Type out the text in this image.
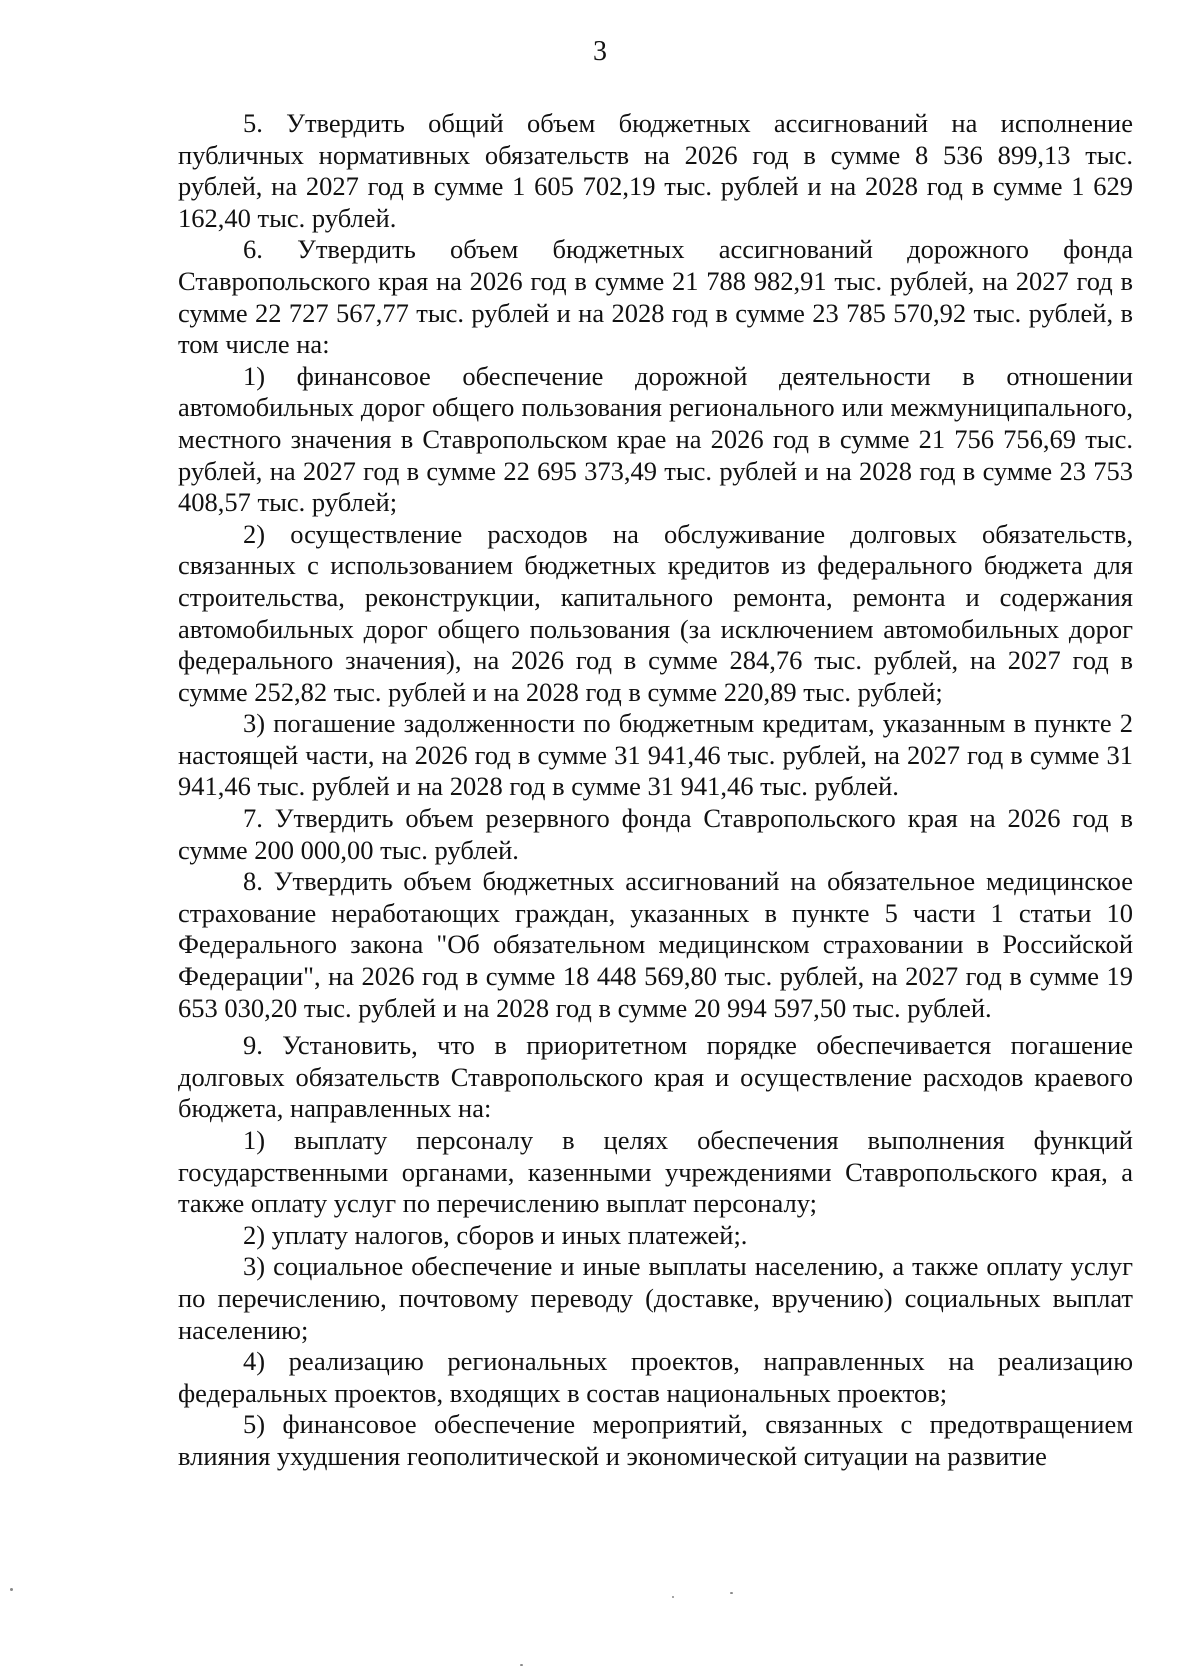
3

5. Утвердить общий объем бюджетных ассигнований на исполнение публичных нормативных обязательств на 2026 год в сумме 8 536 899,13 тыс. рублей, на 2027 год в сумме 1 605 702,19 тыс. рублей и на 2028 год в сумме 1 629 162,40 тыс. рублей.

6. Утвердить объем бюджетных ассигнований дорожного фонда Ставропольского края на 2026 год в сумме 21 788 982,91 тыс. рублей, на 2027 год в сумме 22 727 567,77 тыс. рублей и на 2028 год в сумме 23 785 570,92 тыс. рублей, в том числе на:

1) финансовое обеспечение дорожной деятельности в отношении автомобильных дорог общего пользования регионального или межмуниципального, местного значения в Ставропольском крае на 2026 год в сумме 21 756 756,69 тыс. рублей, на 2027 год в сумме 22 695 373,49 тыс. рублей и на 2028 год в сумме 23 753 408,57 тыс. рублей;

2) осуществление расходов на обслуживание долговых обязательств, связанных с использованием бюджетных кредитов из федерального бюджета для строительства, реконструкции, капитального ремонта, ремонта и содержания автомобильных дорог общего пользования (за исключением автомобильных дорог федерального значения), на 2026 год в сумме 284,76 тыс. рублей, на 2027 год в сумме 252,82 тыс. рублей и на 2028 год в сумме 220,89 тыс. рублей;

3) погашение задолженности по бюджетным кредитам, указанным в пункте 2 настоящей части, на 2026 год в сумме 31 941,46 тыс. рублей, на 2027 год в сумме 31 941,46 тыс. рублей и на 2028 год в сумме 31 941,46 тыс. рублей.

7. Утвердить объем резервного фонда Ставропольского края на 2026 год в сумме 200 000,00 тыс. рублей.

8. Утвердить объем бюджетных ассигнований на обязательное медицинское страхование неработающих граждан, указанных в пункте 5 части 1 статьи 10 Федерального закона "Об обязательном медицинском страховании в Российской Федерации", на 2026 год в сумме 18 448 569,80 тыс. рублей, на 2027 год в сумме 19 653 030,20 тыс. рублей и на 2028 год в сумме 20 994 597,50 тыс. рублей.

9. Установить, что в приоритетном порядке обеспечивается погашение долговых обязательств Ставропольского края и осуществление расходов краевого бюджета, направленных на:

1) выплату персоналу в целях обеспечения выполнения функций государственными органами, казенными учреждениями Ставропольского края, а также оплату услуг по перечислению выплат персоналу;

2) уплату налогов, сборов и иных платежей;.

3) социальное обеспечение и иные выплаты населению, а также оплату услуг по перечислению, почтовому переводу (доставке, вручению) социальных выплат населению;

4) реализацию региональных проектов, направленных на реализацию федеральных проектов, входящих в состав национальных проектов;

5) финансовое обеспечение мероприятий, связанных с предотвращением влияния ухудшения геополитической и экономической ситуации на развитие
